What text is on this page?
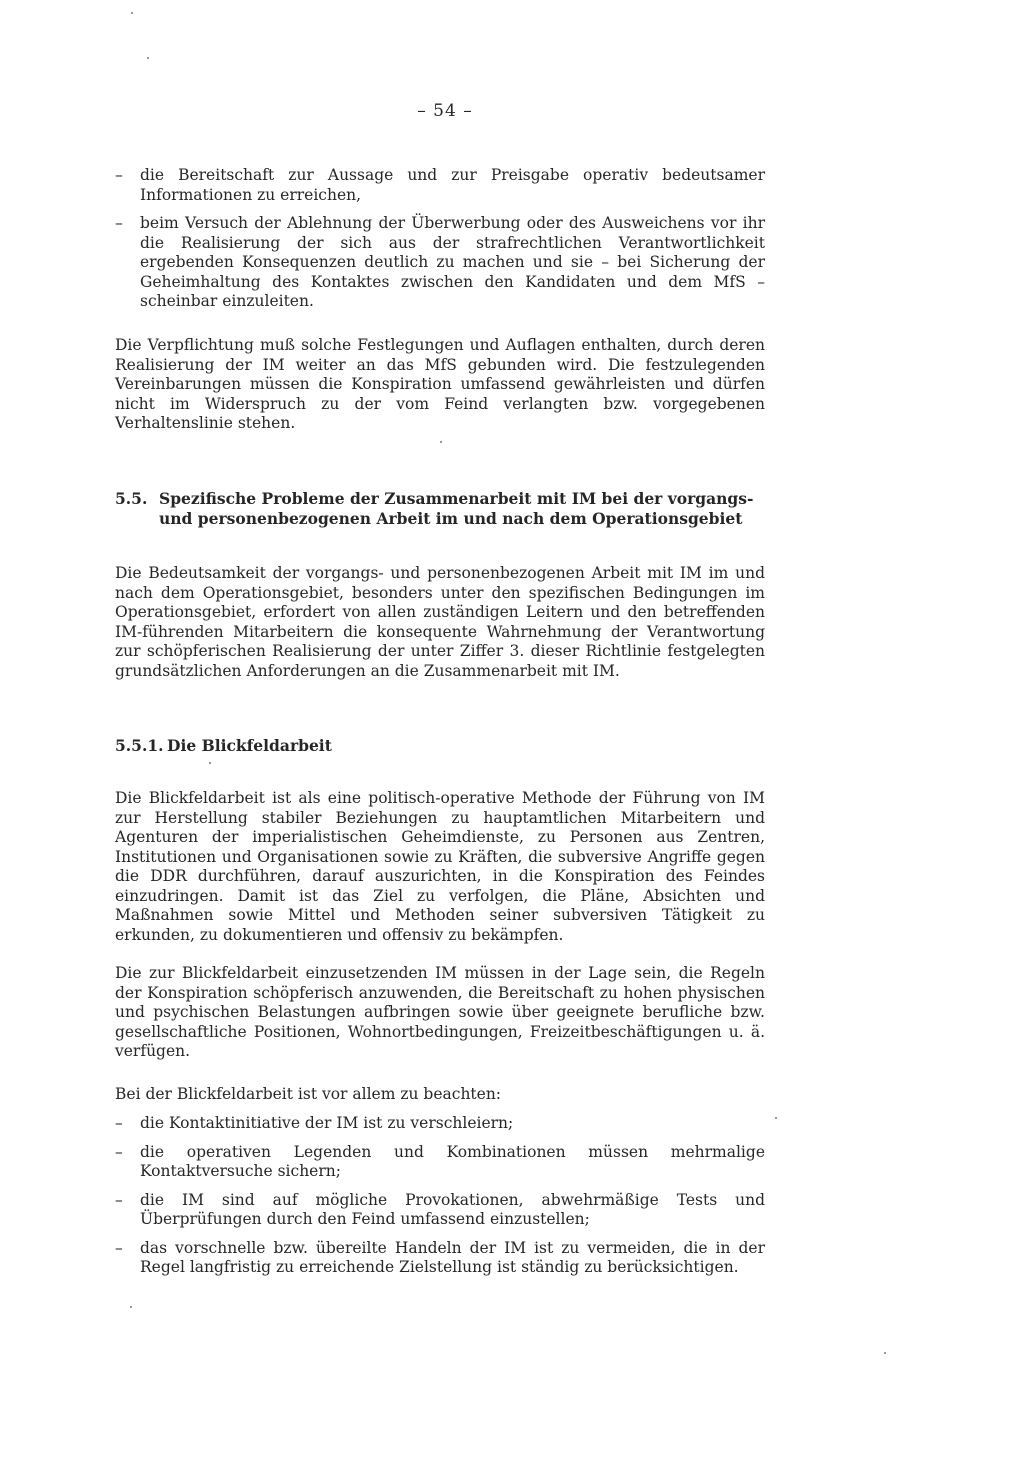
– 54 –
– die Bereitschaft zur Aussage und zur Preisgabe operativ bedeutsamer Informationen zu erreichen,

– beim Versuch der Ablehnung der Überwerbung oder des Ausweichens vor ihr die Realisierung der sich aus der strafrechtlichen Verantwortlichkeit ergebenden Konsequenzen deutlich zu machen und sie – bei Sicherung der Geheimhaltung des Kontaktes zwischen den Kandidaten und dem MfS – scheinbar einzuleiten.

Die Verpflichtung muß solche Festlegungen und Auflagen enthalten, durch deren Realisierung der IM weiter an das MfS gebunden wird. Die festzulegenden Vereinbarungen müssen die Konspiration umfassend gewährleisten und dürfen nicht im Widerspruch zu der vom Feind verlangten bzw. vorgegebenen Verhaltenslinie stehen.

5.5. Spezifische Probleme der Zusammenarbeit mit IM bei der vorgangs- und personenbezogenen Arbeit im und nach dem Operationsgebiet

Die Bedeutsamkeit der vorgangs- und personenbezogenen Arbeit mit IM im und nach dem Operationsgebiet, besonders unter den spezifischen Bedingungen im Operationsgebiet, erfordert von allen zuständigen Leitern und den betreffenden IM-führenden Mitarbeitern die konsequente Wahrnehmung der Verantwortung zur schöpferischen Realisierung der unter Ziffer 3. dieser Richtlinie festgelegten grundsätzlichen Anforderungen an die Zusammenarbeit mit IM.

5.5.1. Die Blickfeldarbeit

Die Blickfeldarbeit ist als eine politisch-operative Methode der Führung von IM zur Herstellung stabiler Beziehungen zu hauptamtlichen Mitarbeitern und Agenturen der imperialistischen Geheimdienste, zu Personen aus Zentren, Institutionen und Organisationen sowie zu Kräften, die subversive Angriffe gegen die DDR durchführen, darauf auszurichten, in die Konspiration des Feindes einzudringen. Damit ist das Ziel zu verfolgen, die Pläne, Absichten und Maßnahmen sowie Mittel und Methoden seiner subversiven Tätigkeit zu erkunden, zu dokumentieren und offensiv zu bekämpfen.

Die zur Blickfeldarbeit einzusetzenden IM müssen in der Lage sein, die Regeln der Konspiration schöpferisch anzuwenden, die Bereitschaft zu hohen physischen und psychischen Belastungen aufbringen sowie über geeignete berufliche bzw. gesellschaftliche Positionen, Wohnortbedingungen, Freizeitbeschäftigungen u. ä. verfügen.

Bei der Blickfeldarbeit ist vor allem zu beachten:

– die Kontaktinitiative der IM ist zu verschleiern;

– die operativen Legenden und Kombinationen müssen mehrmalige Kontaktversuche sichern;

– die IM sind auf mögliche Provokationen, abwehrmäßige Tests und Überprüfungen durch den Feind umfassend einzustellen;

– das vorschnelle bzw. übereilte Handeln der IM ist zu vermeiden, die in der Regel langfristig zu erreichende Zielstellung ist ständig zu berücksichtigen.
